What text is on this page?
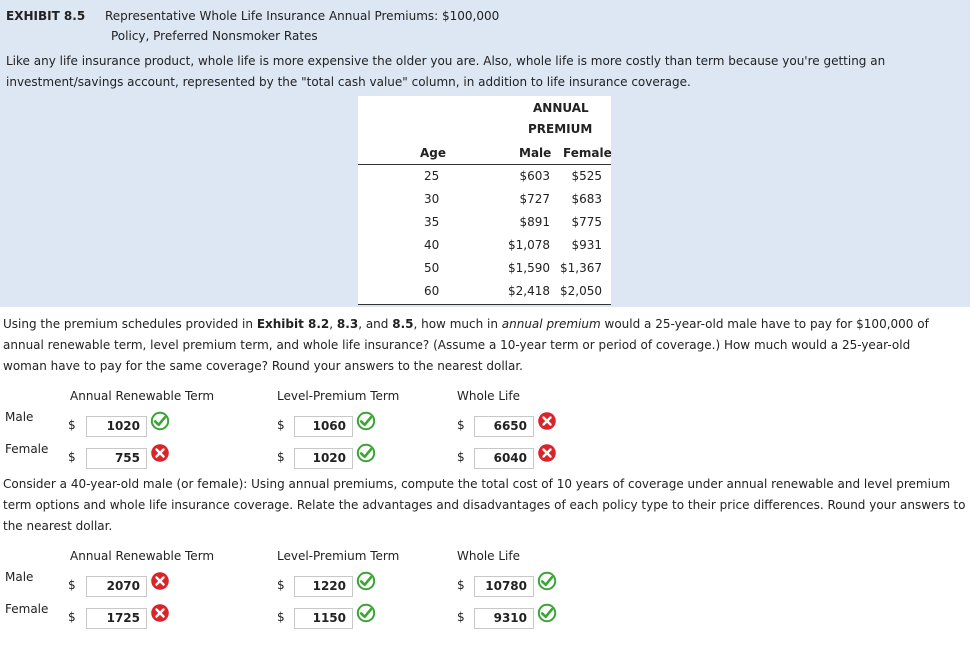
EXHIBIT 8.5 Representative Whole Life Insurance Annual Premiums: $100,000
Policy, Preferred Nonsmoker Rates
Like any life insurance product, whole life is more expensive the older you are. Also, whole life is more costly than term because you're getting an
investment/savings account, represented by the "total cash value" column, in addition to life insurance coverage.
ANNUAL
PREMIUM
Age	Male Female
25	$603 $525
30	$727 $683
35	$891 $775
40	$1,078 $931
50	$1,590 $1,367
60	$2,418 $2,050
Using the premium schedules provided in Exhibit 8.2, 8.3, and 8.5, how much in annual premium would a 25-year-old male have to pay for $100,000 of
annual renewable term, level premium term, and whole life insurance? (Assume a 10-year term or period of coverage.) How much would a 25-year-old
woman have to pay for the same coverage? Round your answers to the nearest dollar.
Annual Renewable Term	Level-Premium Term	Whole Life
Male
$	1020	$	1060	$	6650
Female
$	755	$	1020	$	6040
Consider a 40-year-old male (or female): Using annual premiums, compute the total cost of 10 years of coverage under annual renewable and level premium
term options and whole life insurance coverage. Relate the advantages and disadvantages of each policy type to their price differences. Round your answers to
the nearest dollar.
Annual Renewable Term	Level-Premium Term	Whole Life
Male
$	2070	$	1220	$	10780
Female
$	1725	$	1150	$	9310
